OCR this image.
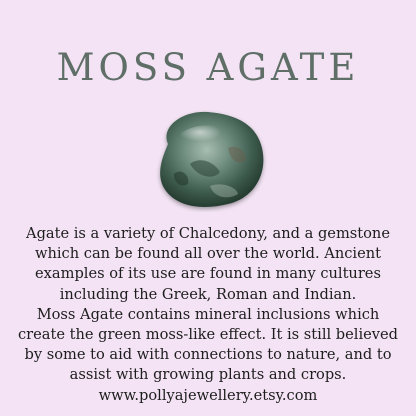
MOSS AGATE
Agate is a variety of Chalcedony, and a gemstone
which can be found all over the world. Ancient
examples of its use are found in many cultures
including the Greek, Roman and Indian.
Moss Agate contains mineral inclusions which
create the green moss-like effect. It is still believed
by some to aid with connections to nature, and to
assist with growing plants and crops.
www.pollyajewellery.etsy.com
